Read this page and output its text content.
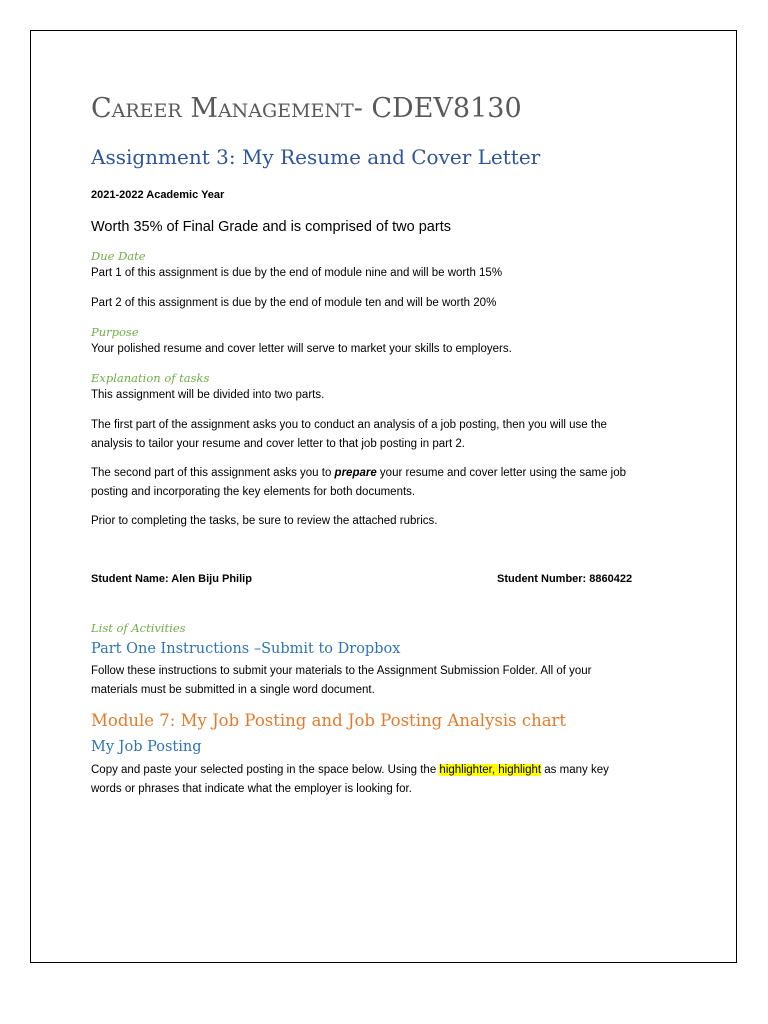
Career Management- CDEV8130
Assignment 3: My Resume and Cover Letter
2021-2022 Academic Year
Worth 35% of Final Grade and is comprised of two parts
Due Date
Part 1 of this assignment is due by the end of module nine and will be worth 15%
Part 2 of this assignment is due by the end of module ten and will be worth 20%
Purpose
Your polished resume and cover letter will serve to market your skills to employers.
Explanation of tasks
This assignment will be divided into two parts.
The first part of the assignment asks you to conduct an analysis of a job posting, then you will use the
analysis to tailor your resume and cover letter to that job posting in part 2.
The second part of this assignment asks you to prepare your resume and cover letter using the same job
posting and incorporating the key elements for both documents.
Prior to completing the tasks, be sure to review the attached rubrics.
Student Name: Alen Biju Philip	Student Number: 8860422
List of Activities
Part One Instructions –Submit to Dropbox
Follow these instructions to submit your materials to the Assignment Submission Folder. All of your
materials must be submitted in a single word document.
Module 7: My Job Posting and Job Posting Analysis chart
My Job Posting
Copy and paste your selected posting in the space below. Using the highlighter, highlight as many key
words or phrases that indicate what the employer is looking for.
